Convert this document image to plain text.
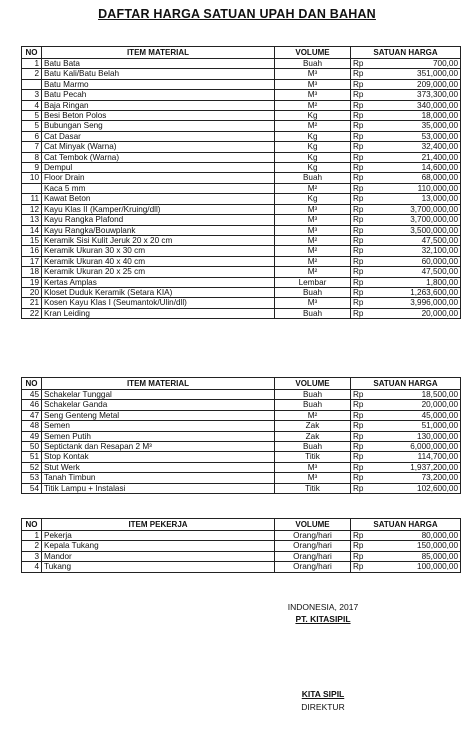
DAFTAR HARGA SATUAN UPAH DAN BAHAN
NO	ITEM MATERIAL	VOLUME	SATUAN HARGA	
1	Batu Bata	Buah	Rp	700,00
2	Batu Kali/Batu Belah	M³	Rp	351,000,00
	Batu Marmo	M³	Rp	209,000,00
3	Batu Pecah	M³	Rp	373,300,00
4	Baja Ringan	M²	Rp	340,000,00
5	Besi Beton Polos	Kg	Rp	18,000,00
5	Bubungan Seng	M²	Rp	35,000,00
6	Cat Dasar	Kg	Rp	53,000,00
7	Cat Minyak (Warna)	Kg	Rp	32,400,00
8	Cat Tembok (Warna)	Kg	Rp	21,400,00
9	Dempul	Kg	Rp	14,600,00
10	Floor Drain	Buah	Rp	68,000,00
	Kaca 5 mm	M²	Rp	110,000,00
11	Kawat Beton	Kg	Rp	13,000,00
12	Kayu Klas II (Kamper/Kruing/dll)	M³	Rp	3,700,000,00
13	Kayu Rangka Plafond	M³	Rp	3,700,000,00
14	Kayu Rangka/Bouwplank	M³	Rp	3,500,000,00
15	Keramik Sisi Kulit Jeruk 20 x 20 cm	M²	Rp	47,500,00
16	Keramik Ukuran 30 x 30 cm	M²	Rp	32,100,00
17	Keramik Ukuran 40 x 40 cm	M²	Rp	60,000,00
18	Keramik Ukuran 20 x 25 cm	M²	Rp	47,500,00
19	Kertas Amplas	Lembar	Rp	1,800,00
20	Kloset Duduk Keramik (Setara KIA)	Buah	Rp	1,263,600,00
21	Kosen Kayu Klas I (Seumantok/Ulin/dll)	M³	Rp	3,996,000,00
22	Kran Leiding	Buah	Rp	20,000,00
NO	ITEM MATERIAL	VOLUME	SATUAN HARGA	
45	Schakelar Tunggal	Buah	Rp	18,500,00
46	Schakelar Ganda	Buah	Rp	20,000,00
47	Seng Genteng Metal	M²	Rp	45,000,00
48	Semen	Zak	Rp	51,000,00
49	Semen Putih	Zak	Rp	130,000,00
50	Septictank dan Resapan 2 M³	Buah	Rp	6,000,000,00
51	Stop Kontak	Titik	Rp	114,700,00
52	Stut Werk	M³	Rp	1,937,200,00
53	Tanah Timbun	M³	Rp	73,200,00
54	Titik Lampu + Instalasi	Titik	Rp	102,600,00
NO	ITEM PEKERJA	VOLUME	SATUAN HARGA	
1	Pekerja	Orang/hari	Rp	80,000,00
2	Kepala Tukang	Orang/hari	Rp	150,000,00
3	Mandor	Orang/hari	Rp	85,000,00
4	Tukang	Orang/hari	Rp	100,000,00
INDONESIA, 2017
PT. KITASIPIL
KITA SIPIL
DIREKTUR
